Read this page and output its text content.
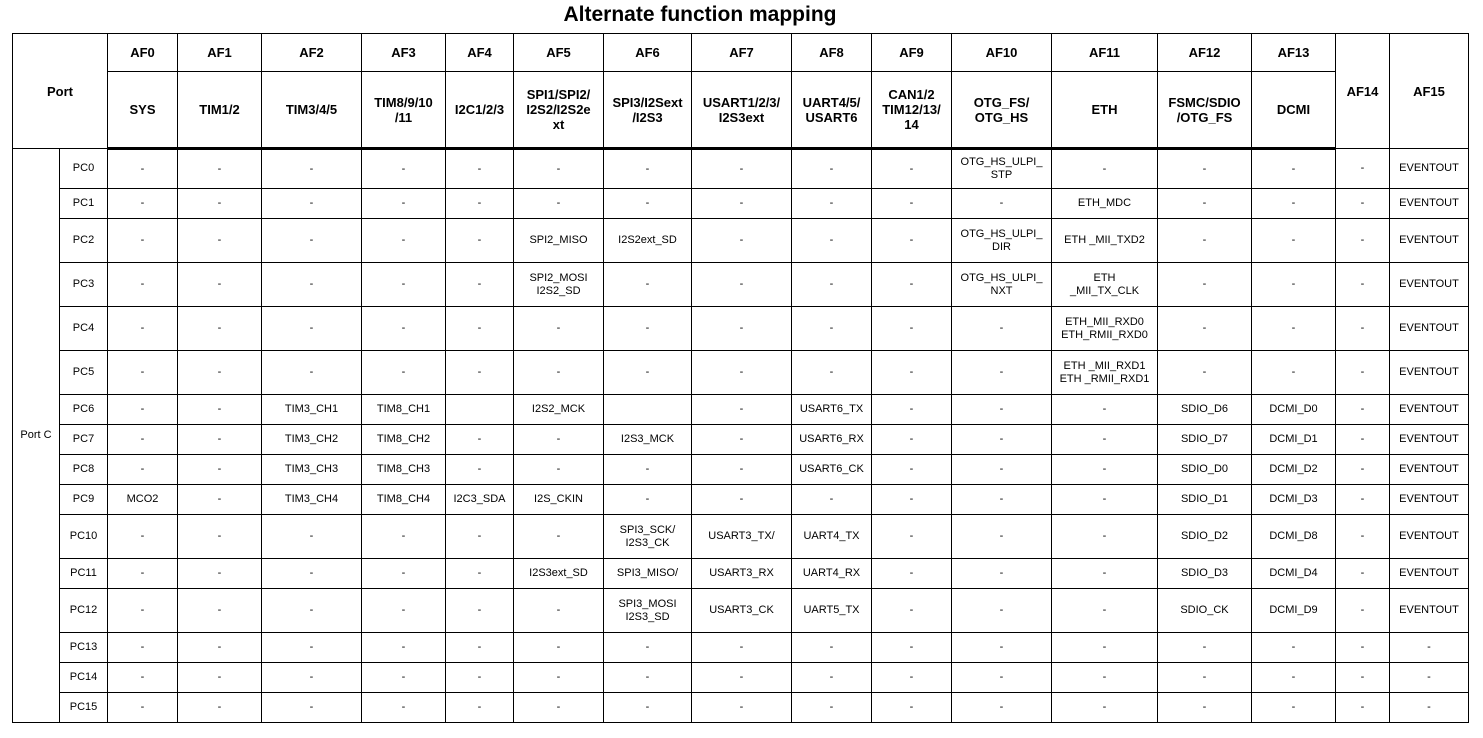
Alternate function mapping
Port		AF0	AF1	AF2	AF3	AF4	AF5	AF6	AF7	AF8	AF9	AF10	AF11	AF12	AF13	AF14	AF15

		SYS	TIM1/2	TIM3/4/5	TIM8/9/10
/11	I2C1/2/3	SPI1/SPI2/
I2S2/I2S2e
xt	SPI3/I2Sext
/I2S3	USART1/2/3/
I2S3ext	UART4/5/
USART6	CAN1/2
TIM12/13/
14	OTG_FS/
OTG_HS	ETH	FSMC/SDIO
/OTG_FS	DCMI		

Port C	PC0	-	-	-	-	-	-	-	-	-	-	OTG_HS_ULPI_
STP	-	-	-	-	EVENTOUT

	PC1	-	-	-	-	-	-	-	-	-	-	-	ETH_MDC	-	-	-	EVENTOUT

	PC2	-	-	-	-	-	SPI2_MISO	I2S2ext_SD	-	-	-	OTG_HS_ULPI_
DIR	ETH _MII_TXD2	-	-	-	EVENTOUT

	PC3	-	-	-	-	-	SPI2_MOSI
I2S2_SD	-	-	-	-	OTG_HS_ULPI_
NXT	ETH
_MII_TX_CLK	-	-	-	EVENTOUT

	PC4	-	-	-	-	-	-	-	-	-	-	-	ETH_MII_RXD0
ETH_RMII_RXD0	-	-	-	EVENTOUT

	PC5	-	-	-	-	-	-	-	-	-	-	-	ETH _MII_RXD1
ETH _RMII_RXD1	-	-	-	EVENTOUT

	PC6	-	-	TIM3_CH1	TIM8_CH1		I2S2_MCK		-	USART6_TX	-	-	-	SDIO_D6	DCMI_D0	-	EVENTOUT

	PC7	-	-	TIM3_CH2	TIM8_CH2	-	-	I2S3_MCK	-	USART6_RX	-	-	-	SDIO_D7	DCMI_D1	-	EVENTOUT

	PC8	-	-	TIM3_CH3	TIM8_CH3	-	-	-	-	USART6_CK	-	-	-	SDIO_D0	DCMI_D2	-	EVENTOUT

	PC9	MCO2	-	TIM3_CH4	TIM8_CH4	I2C3_SDA	I2S_CKIN	-	-	-	-	-	-	SDIO_D1	DCMI_D3	-	EVENTOUT

	PC10	-	-	-	-	-	-	SPI3_SCK/
I2S3_CK	USART3_TX/	UART4_TX	-	-	-	SDIO_D2	DCMI_D8	-	EVENTOUT

	PC11	-	-	-	-	-	I2S3ext_SD	SPI3_MISO/	USART3_RX	UART4_RX	-	-	-	SDIO_D3	DCMI_D4	-	EVENTOUT

	PC12	-	-	-	-	-	-	SPI3_MOSI
I2S3_SD	USART3_CK	UART5_TX	-	-	-	SDIO_CK	DCMI_D9	-	EVENTOUT

	PC13	-	-	-	-	-	-	-	-	-	-	-	-	-	-	-	-

	PC14	-	-	-	-	-	-	-	-	-	-	-	-	-	-	-	-

	PC15	-	-	-	-	-	-	-	-	-	-	-	-	-	-	-	-
